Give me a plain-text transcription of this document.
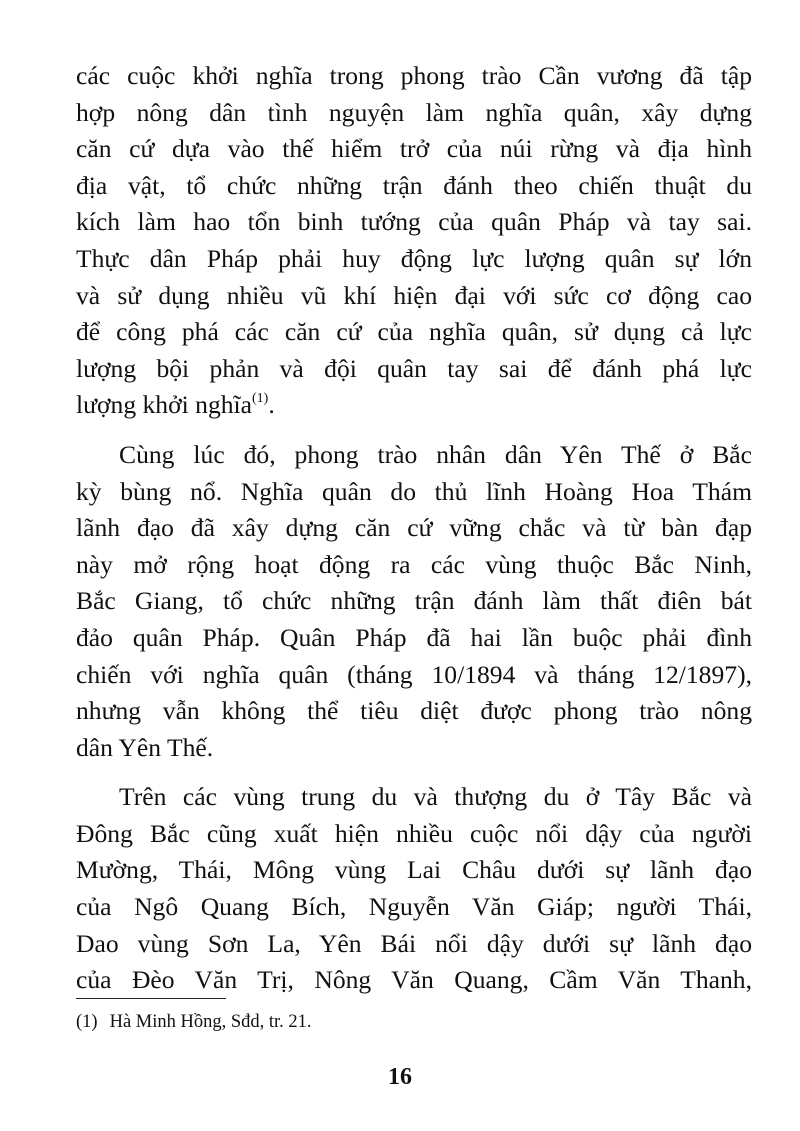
các cuộc khởi nghĩa trong phong trào Cần vương đã tập
hợp nông dân tình nguyện làm nghĩa quân, xây dựng
căn cứ dựa vào thế hiểm trở của núi rừng và địa hình
địa vật, tổ chức những trận đánh theo chiến thuật du
kích làm hao tổn binh tướng của quân Pháp và tay sai.
Thực dân Pháp phải huy động lực lượng quân sự lớn
và sử dụng nhiều vũ khí hiện đại với sức cơ động cao
để công phá các căn cứ của nghĩa quân, sử dụng cả lực
lượng bội phản và đội quân tay sai để đánh phá lực
lượng khởi nghĩa$^{(1)}$.

Cùng lúc đó, phong trào nhân dân Yên Thế ở Bắc
kỳ bùng nổ. Nghĩa quân do thủ lĩnh Hoàng Hoa Thám
lãnh đạo đã xây dựng căn cứ vững chắc và từ bàn đạp
này mở rộng hoạt động ra các vùng thuộc Bắc Ninh,
Bắc Giang, tổ chức những trận đánh làm thất điên bát
đảo quân Pháp. Quân Pháp đã hai lần buộc phải đình
chiến với nghĩa quân (tháng 10/1894 và tháng 12/1897),
nhưng vẫn không thể tiêu diệt được phong trào nông
dân Yên Thế.

Trên các vùng trung du và thượng du ở Tây Bắc và
Đông Bắc cũng xuất hiện nhiều cuộc nổi dậy của người
Mường, Thái, Mông vùng Lai Châu dưới sự lãnh đạo
của Ngô Quang Bích, Nguyễn Văn Giáp; người Thái,
Dao vùng Sơn La, Yên Bái nổi dậy dưới sự lãnh đạo
của Đèo Văn Trị, Nông Văn Quang, Cầm Văn Thanh,

(1) Hà Minh Hồng, Sđd, tr. 21.
16
